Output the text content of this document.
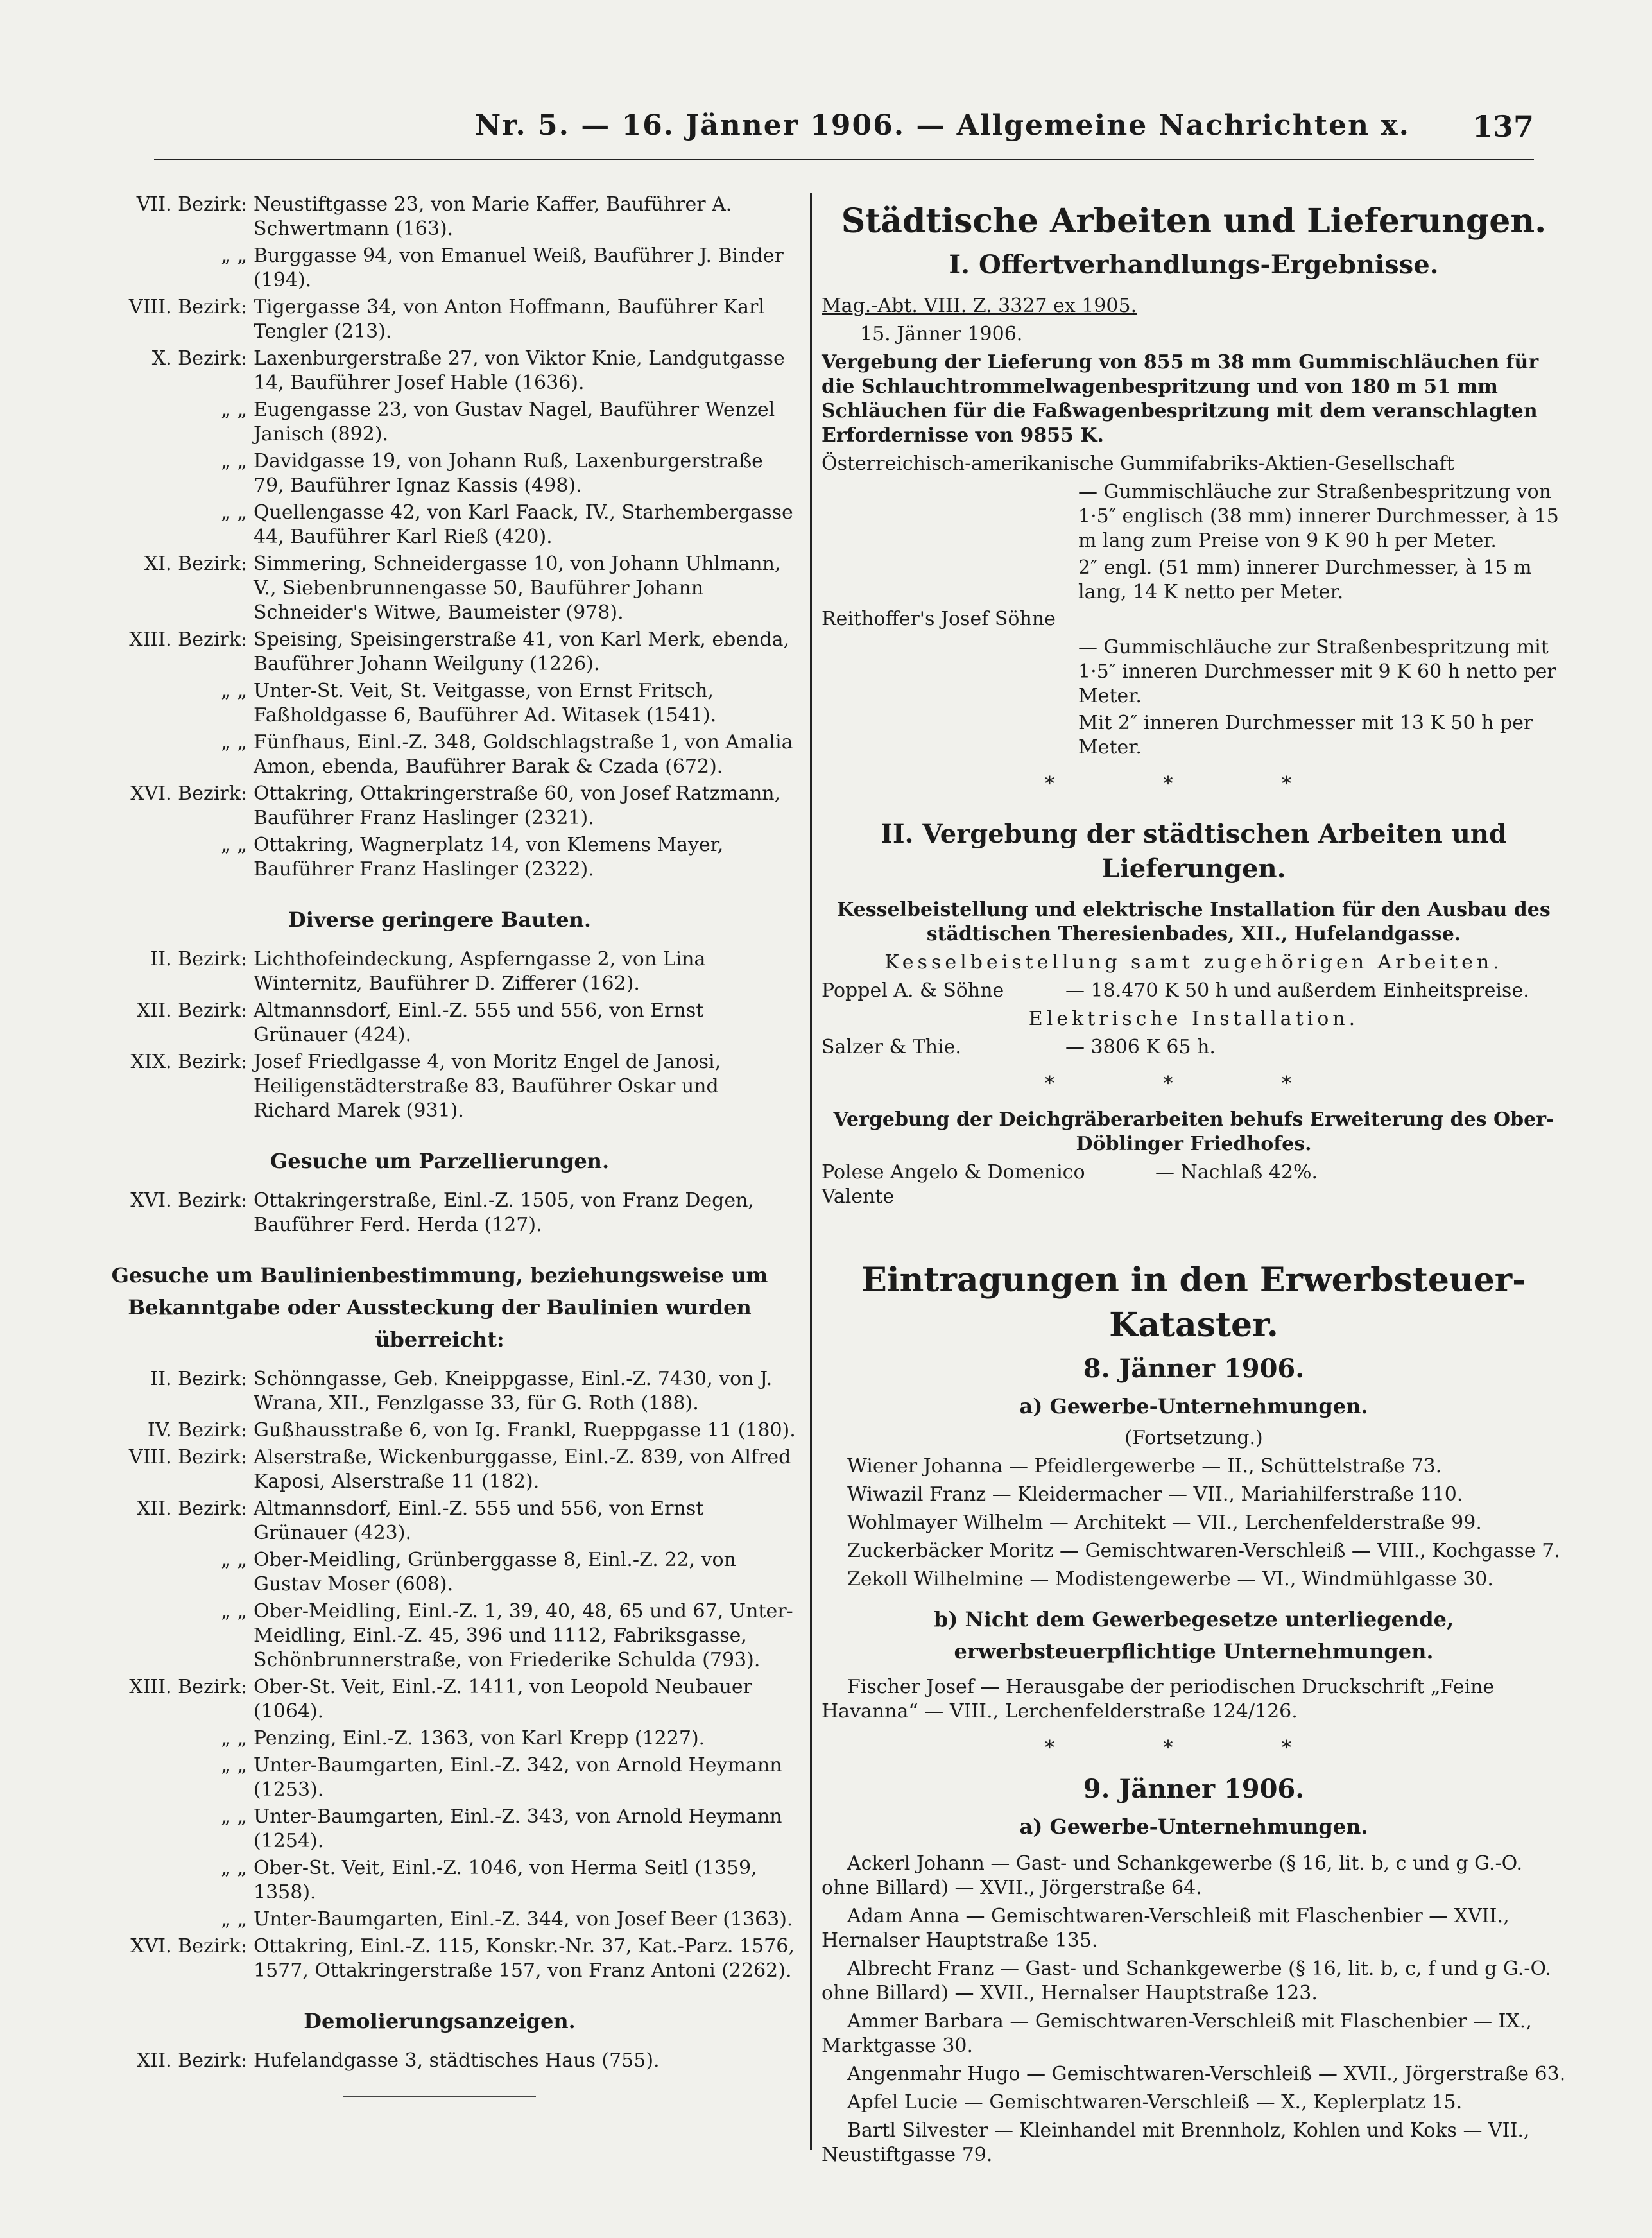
Nr. 5. — 16. Jänner 1906. — Allgemeine Nachrichten x. 137
VII. Bezirk: Neustiftgasse 23, von Marie Kaffer, Bauführer A. Schwertmann (163).
„ „ Burggasse 94, von Emanuel Weiß, Bauführer J. Binder (194).
VIII. Bezirk: Tigergasse 34, von Anton Hoffmann, Bauführer Karl Tengler (213).
X. Bezirk: Laxenburgerstraße 27, von Viktor Knie, Landgutgasse 14, Bauführer Josef Hable (1636).
„ „ Eugengasse 23, von Gustav Nagel, Bauführer Wenzel Janisch (892).
„ „ Davidgasse 19, von Johann Ruß, Laxenburgerstraße 79, Bauführer Ignaz Kassis (498).
„ „ Quellengasse 42, von Karl Faack, IV., Starhembergasse 44, Bauführer Karl Rieß (420).
XI. Bezirk: Simmering, Schneidergasse 10, von Johann Uhlmann, V., Siebenbrunnengasse 50, Bauführer Johann Schneider's Witwe, Baumeister (978).
XIII. Bezirk: Speising, Speisingerstraße 41, von Karl Merk, ebenda, Bauführer Johann Weilguny (1226).
„ „ Unter-St. Veit, St. Veitgasse, von Ernst Fritsch, Faßholdgasse 6, Bauführer Ad. Witasek (1541).
„ „ Fünfhaus, Einl.-Z. 348, Goldschlagstraße 1, von Amalia Amon, ebenda, Bauführer Barak & Czada (672).
XVI. Bezirk: Ottakring, Ottakringerstraße 60, von Josef Ratzmann, Bauführer Franz Haslinger (2321).
„ „ Ottakring, Wagnerplatz 14, von Klemens Mayer, Bauführer Franz Haslinger (2322).
Diverse geringere Bauten.
II. Bezirk: Lichthofeindeckung, Aspferngasse 2, von Lina Winternitz, Bauführer D. Zifferer (162).
XII. Bezirk: Altmannsdorf, Einl.-Z. 555 und 556, von Ernst Grünauer (424).
XIX. Bezirk: Josef Friedlgasse 4, von Moritz Engel de Janosi, Heiligenstädterstraße 83, Bauführer Oskar und Richard Marek (931).
Gesuche um Parzellierungen.
XVI. Bezirk: Ottakringerstraße, Einl.-Z. 1505, von Franz Degen, Bauführer Ferd. Herda (127).
Gesuche um Baulinienbestimmung, beziehungsweise um Bekanntgabe oder Aussteckung der Baulinien wurden überreicht:
II. Bezirk: Schönngasse, Geb. Kneippgasse, Einl.-Z. 7430, von J. Wrana, XII., Fenzlgasse 33, für G. Roth (188).
IV. Bezirk: Gußhausstraße 6, von Ig. Frankl, Rueppgasse 11 (180).
VIII. Bezirk: Alserstraße, Wickenburggasse, Einl.-Z. 839, von Alfred Kaposi, Alserstraße 11 (182).
XII. Bezirk: Altmannsdorf, Einl.-Z. 555 und 556, von Ernst Grünauer (423).
„ „ Ober-Meidling, Grünberggasse 8, Einl.-Z. 22, von Gustav Moser (608).
„ „ Ober-Meidling, Einl.-Z. 1, 39, 40, 48, 65 und 67, Unter-Meidling, Einl.-Z. 45, 396 und 1112, Fabriksgasse, Schönbrunnerstraße, von Friederike Schulda (793).
XIII. Bezirk: Ober-St. Veit, Einl.-Z. 1411, von Leopold Neubauer (1064).
„ „ Penzing, Einl.-Z. 1363, von Karl Krepp (1227).
„ „ Unter-Baumgarten, Einl.-Z. 342, von Arnold Heymann (1253).
„ „ Unter-Baumgarten, Einl.-Z. 343, von Arnold Heymann (1254).
„ „ Ober-St. Veit, Einl.-Z. 1046, von Herma Seitl (1359, 1358).
„ „ Unter-Baumgarten, Einl.-Z. 344, von Josef Beer (1363).
XVI. Bezirk: Ottakring, Einl.-Z. 115, Konskr.-Nr. 37, Kat.-Parz. 1576, 1577, Ottakringerstraße 157, von Franz Antoni (2262).
Demolierungsanzeigen.
XII. Bezirk: Hufelandgasse 3, städtisches Haus (755).
Städtische Arbeiten und Lieferungen.
I. Offertverhandlungs-Ergebnisse.
Mag.-Abt. VIII. Z. 3327 ex 1905.
15. Jänner 1906.
Vergebung der Lieferung von 855 m 38 mm Gummischläuchen für die Schlauchtrommelwagenbespritzung und von 180 m 51 mm Schläuchen für die Faßwagenbespritzung mit dem veranschlagten Erfordernisse von 9855 K.
Österreichisch-amerikanische Gummifabriks-Aktien-Gesellschaft
— Gummischläuche zur Straßenbespritzung von 1·5″ englisch (38 mm) innerer Durchmesser, à 15 m lang zum Preise von 9 K 90 h per Meter.
2″ engl. (51 mm) innerer Durchmesser, à 15 m lang, 14 K netto per Meter.
Reithoffer's Josef Söhne
— Gummischläuche zur Straßenbespritzung mit 1·5″ inneren Durchmesser mit 9 K 60 h netto per Meter.
Mit 2″ inneren Durchmesser mit 13 K 50 h per Meter.
* * *
II. Vergebung der städtischen Arbeiten und Lieferungen.
Kesselbeistellung und elektrische Installation für den Ausbau des städtischen Theresienbades, XII., Hufelandgasse.
Kesselbeistellung samt zugehörigen Arbeiten.
Poppel A. & Söhne	— 18.470 K 50 h und außerdem Einheitspreise.
Elektrische Installation.
Salzer & Thie.	— 3806 K 65 h.
* * *
Vergebung der Deichgräberarbeiten behufs Erweiterung des Ober-Döblinger Friedhofes.
Polese Angelo & Domenico Valente
— Nachlaß 42%.
Eintragungen in den Erwerbsteuer-Kataster.
8. Jänner 1906.
a) Gewerbe-Unternehmungen.
(Fortsetzung.)
Wiener Johanna — Pfeidlergewerbe — II., Schüttelstraße 73.
Wiwazil Franz — Kleidermacher — VII., Mariahilferstraße 110.
Wohlmayer Wilhelm — Architekt — VII., Lerchenfelderstraße 99.
Zuckerbäcker Moritz — Gemischtwaren-Verschleiß — VIII., Kochgasse 7.
Zekoll Wilhelmine — Modistengewerbe — VI., Windmühlgasse 30.
b) Nicht dem Gewerbegesetze unterliegende, erwerbsteuerpflichtige Unternehmungen.
Fischer Josef — Herausgabe der periodischen Druckschrift „Feine Havanna“ — VIII., Lerchenfelderstraße 124/126.
* * *
9. Jänner 1906.
a) Gewerbe-Unternehmungen.
Ackerl Johann — Gast- und Schankgewerbe (§ 16, lit. b, c und g G.-O. ohne Billard) — XVII., Jörgerstraße 64.
Adam Anna — Gemischtwaren-Verschleiß mit Flaschenbier — XVII., Hernalser Hauptstraße 135.
Albrecht Franz — Gast- und Schankgewerbe (§ 16, lit. b, c, f und g G.-O. ohne Billard) — XVII., Hernalser Hauptstraße 123.
Ammer Barbara — Gemischtwaren-Verschleiß mit Flaschenbier — IX., Marktgasse 30.
Angenmahr Hugo — Gemischtwaren-Verschleiß — XVII., Jörgerstraße 63.
Apfel Lucie — Gemischtwaren-Verschleiß — X., Keplerplatz 15.
Bartl Silvester — Kleinhandel mit Brennholz, Kohlen und Koks — VII., Neustiftgasse 79.
